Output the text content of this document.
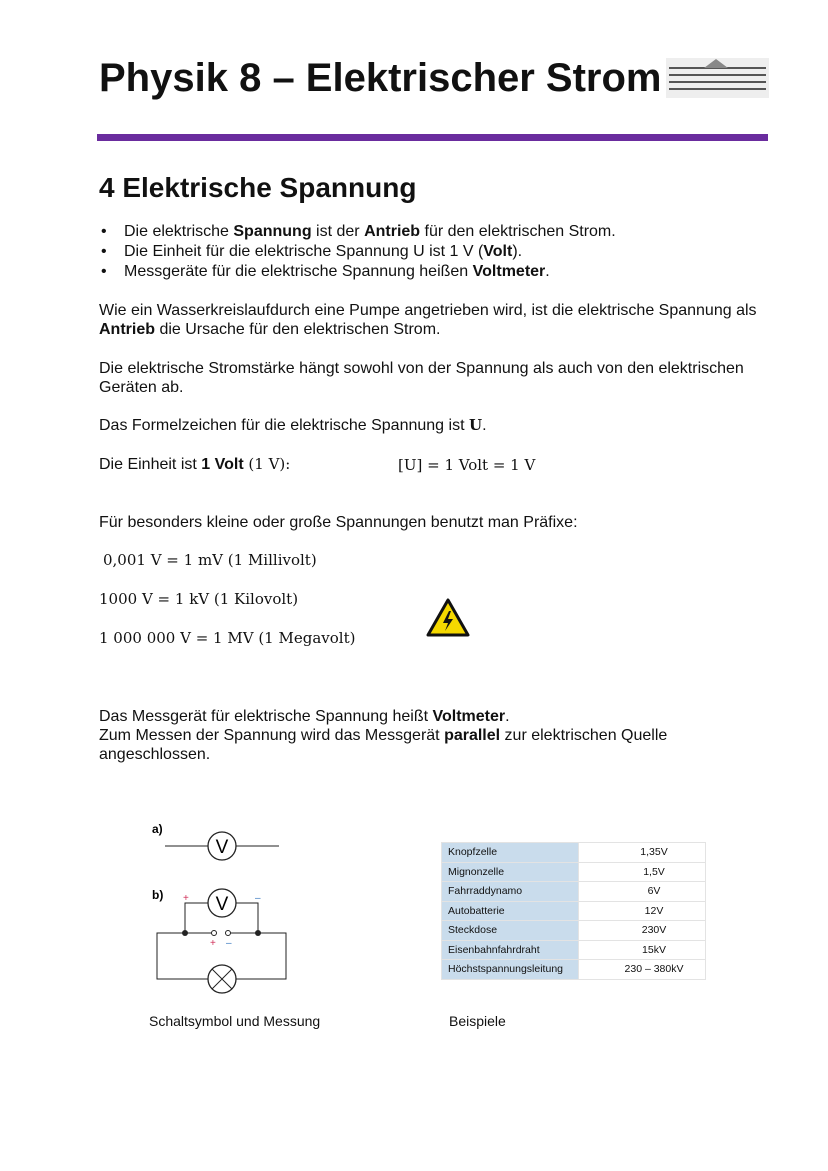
Physik 8 – Elektrischer Strom
4 Elektrische Spannung
• Die elektrische Spannung ist der Antrieb für den elektrischen Strom.
• Die Einheit für die elektrische Spannung U ist 1 V (Volt).
• Messgeräte für die elektrische Spannung heißen Voltmeter.
Wie ein Wasserkreislaufdurch eine Pumpe angetrieben wird, ist die elektrische Spannung als Antrieb die Ursache für den elektrischen Strom.
Die elektrische Stromstärke hängt sowohl von der Spannung als auch von den elektrischen Geräten ab.
Das Formelzeichen für die elektrische Spannung ist U.
Die Einheit ist 1 Volt (1 V):	[U] = 1 Volt = 1 V
Für besonders kleine oder große Spannungen benutzt man Präfixe:
0,001 V = 1 mV (1 Millivolt)
1000 V = 1 kV (1 Kilovolt)
1 000 000 V = 1 MV (1 Megavolt)
Das Messgerät für elektrische Spannung heißt Voltmeter.
Zum Messen der Spannung wird das Messgerät parallel zur elektrischen Quelle angeschlossen.
a)
V
b) +	–
V
+ –
Knopfzelle	1,35V
Mignonzelle	1,5V
Fahrraddynamo	6V
Autobatterie	12V
Steckdose	230V
Eisenbahnfahrdraht	15kV
Höchstspannungsleitung	230 – 380kV
Schaltsymbol und Messung	Beispiele
